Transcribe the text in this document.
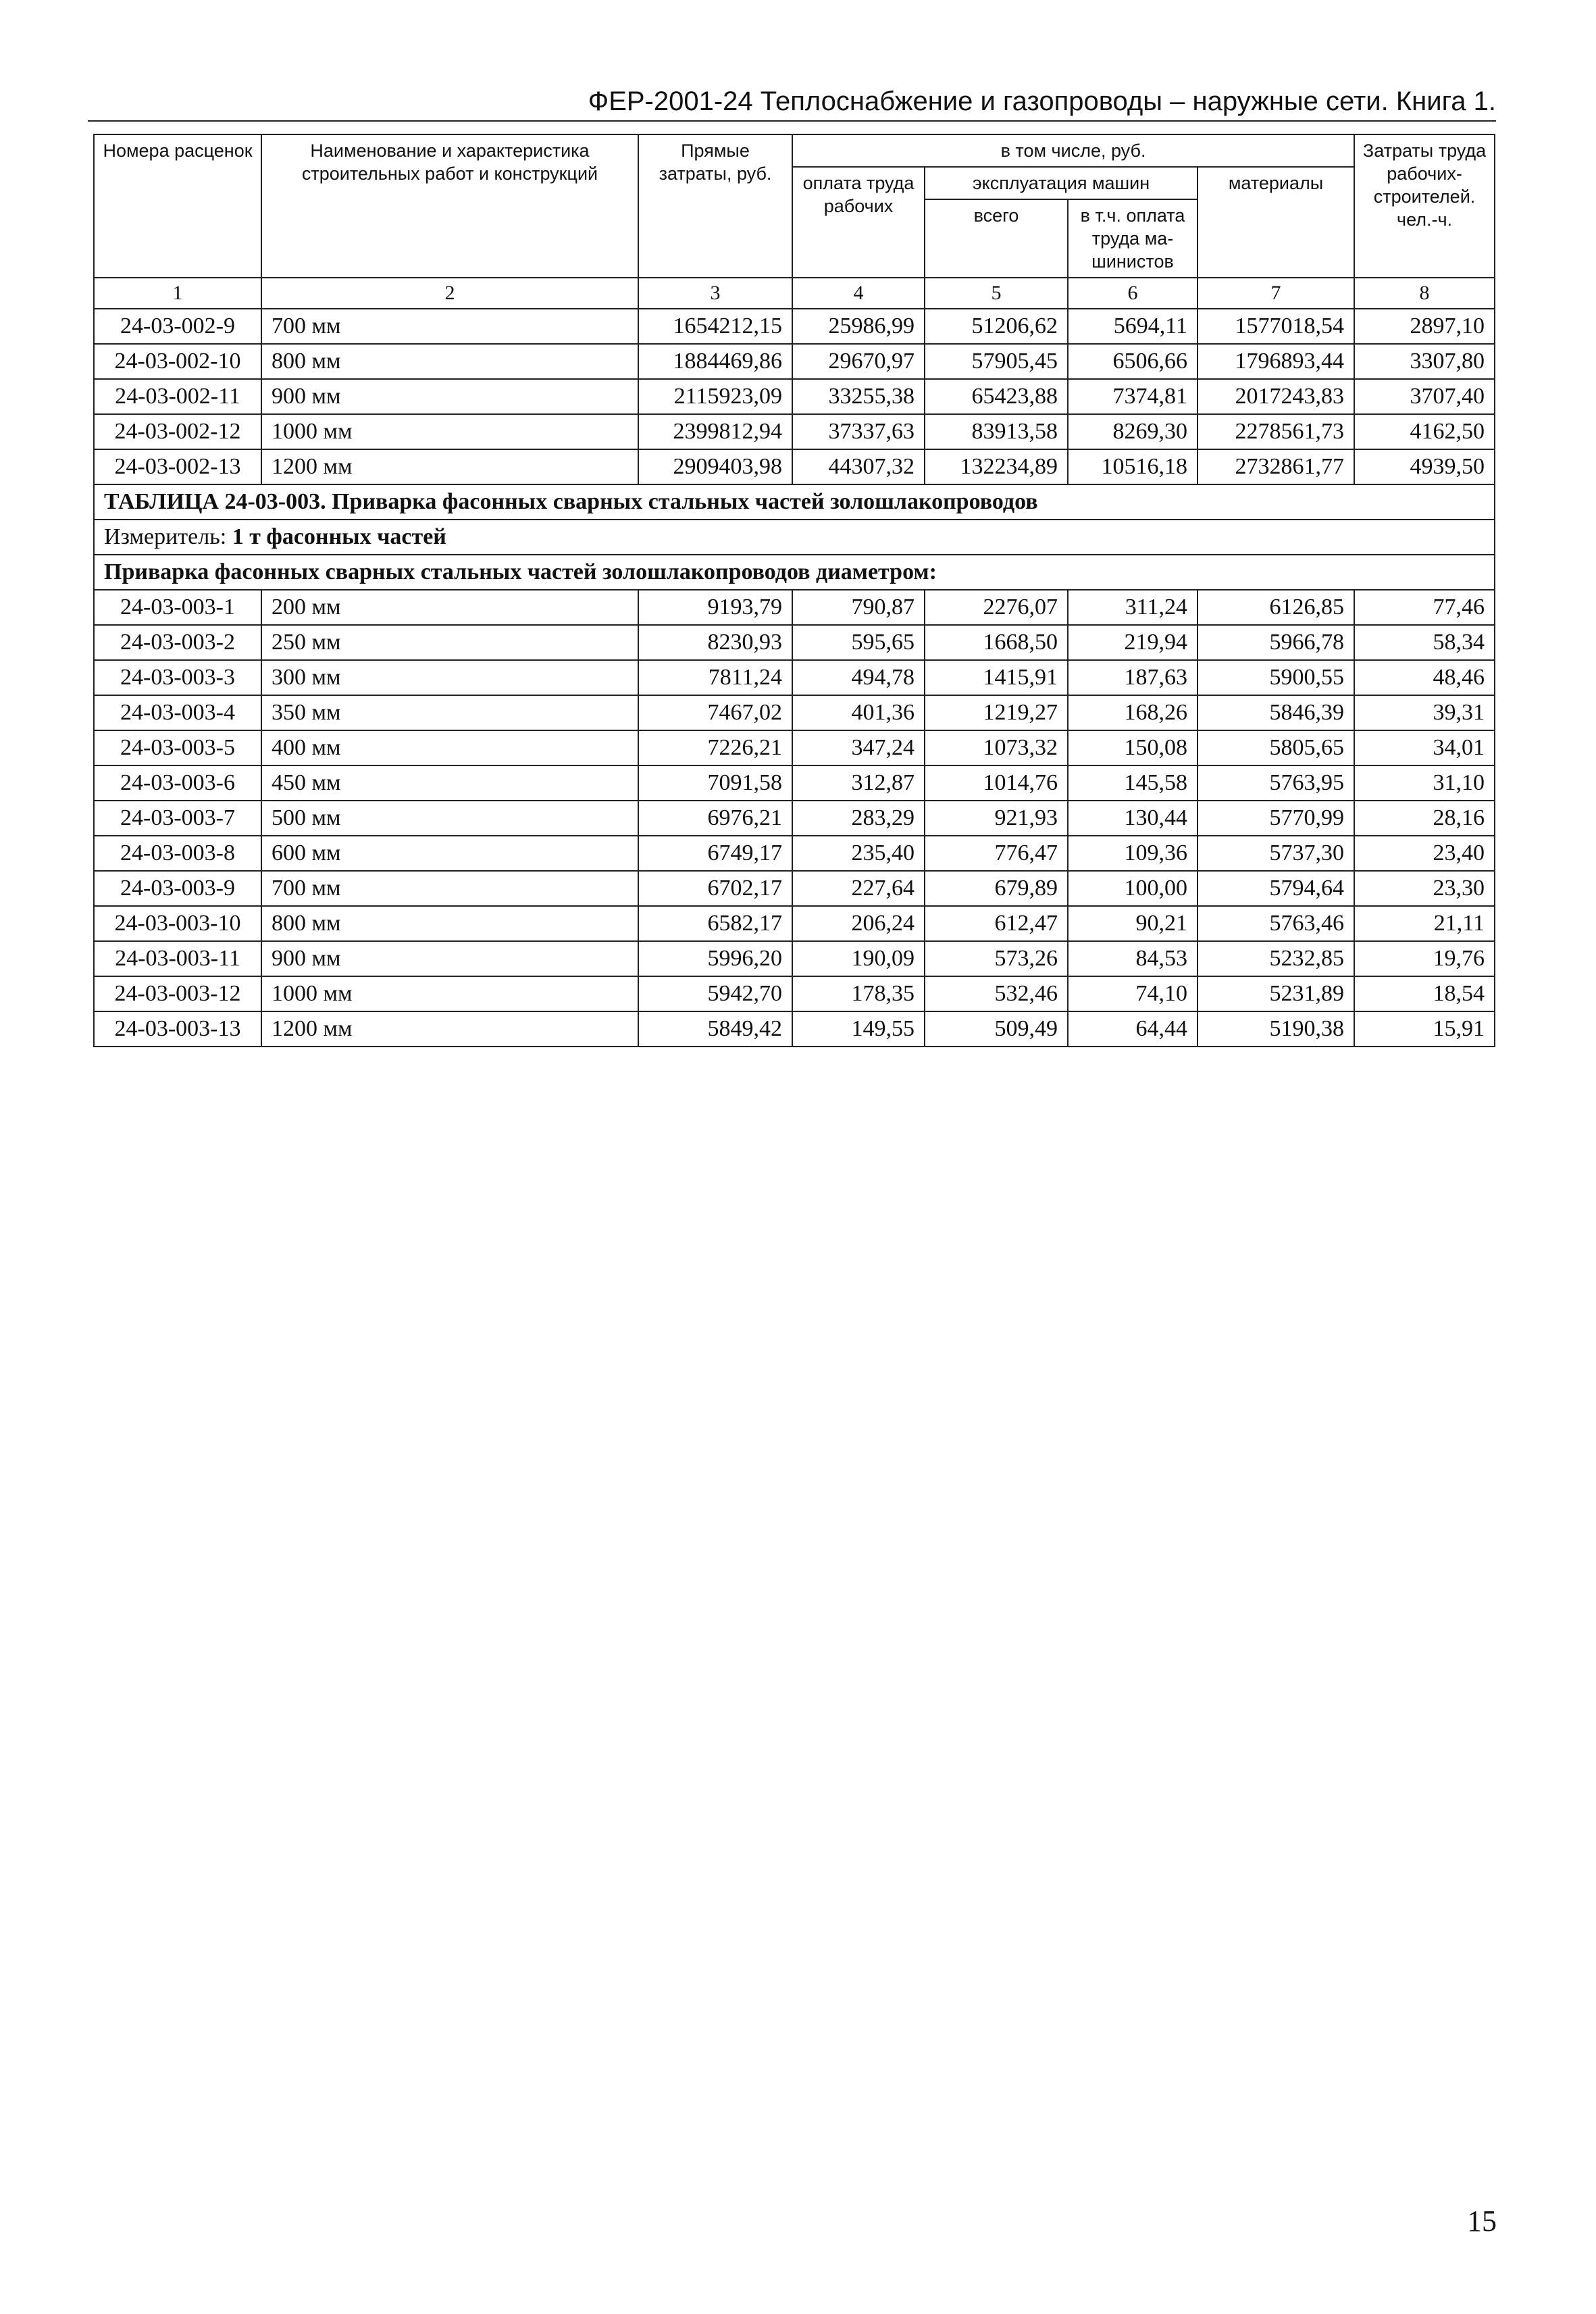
ФЕР-2001-24 Теплоснабжение и газопроводы – наружные сети. Книга 1.
Номера расценок	Наименование и характеристика строительных работ и конструкций	Прямые затраты, руб.	в том числе, руб.				Затраты труда рабочих-строителей. чел.-ч.
			оплата труда рабочих	эксплуатация машин		материалы	
				всего	в т.ч. оплата труда ма-шинистов		
1	2	3	4	5	6	7	8
24-03-002-9	700 мм	1654212,15	25986,99	51206,62	5694,11	1577018,54	2897,10
24-03-002-10	800 мм	1884469,86	29670,97	57905,45	6506,66	1796893,44	3307,80
24-03-002-11	900 мм	2115923,09	33255,38	65423,88	7374,81	2017243,83	3707,40
24-03-002-12	1000 мм	2399812,94	37337,63	83913,58	8269,30	2278561,73	4162,50
24-03-002-13	1200 мм	2909403,98	44307,32	132234,89	10516,18	2732861,77	4939,50
ТАБЛИЦА 24-03-003. Приварка фасонных сварных стальных частей золошлакопроводов							
Измеритель: 1 т фасонных частей							
Приварка фасонных сварных стальных частей золошлакопроводов диаметром:							
24-03-003-1	200 мм	9193,79	790,87	2276,07	311,24	6126,85	77,46
24-03-003-2	250 мм	8230,93	595,65	1668,50	219,94	5966,78	58,34
24-03-003-3	300 мм	7811,24	494,78	1415,91	187,63	5900,55	48,46
24-03-003-4	350 мм	7467,02	401,36	1219,27	168,26	5846,39	39,31
24-03-003-5	400 мм	7226,21	347,24	1073,32	150,08	5805,65	34,01
24-03-003-6	450 мм	7091,58	312,87	1014,76	145,58	5763,95	31,10
24-03-003-7	500 мм	6976,21	283,29	921,93	130,44	5770,99	28,16
24-03-003-8	600 мм	6749,17	235,40	776,47	109,36	5737,30	23,40
24-03-003-9	700 мм	6702,17	227,64	679,89	100,00	5794,64	23,30
24-03-003-10	800 мм	6582,17	206,24	612,47	90,21	5763,46	21,11
24-03-003-11	900 мм	5996,20	190,09	573,26	84,53	5232,85	19,76
24-03-003-12	1000 мм	5942,70	178,35	532,46	74,10	5231,89	18,54
24-03-003-13	1200 мм	5849,42	149,55	509,49	64,44	5190,38	15,91
15
